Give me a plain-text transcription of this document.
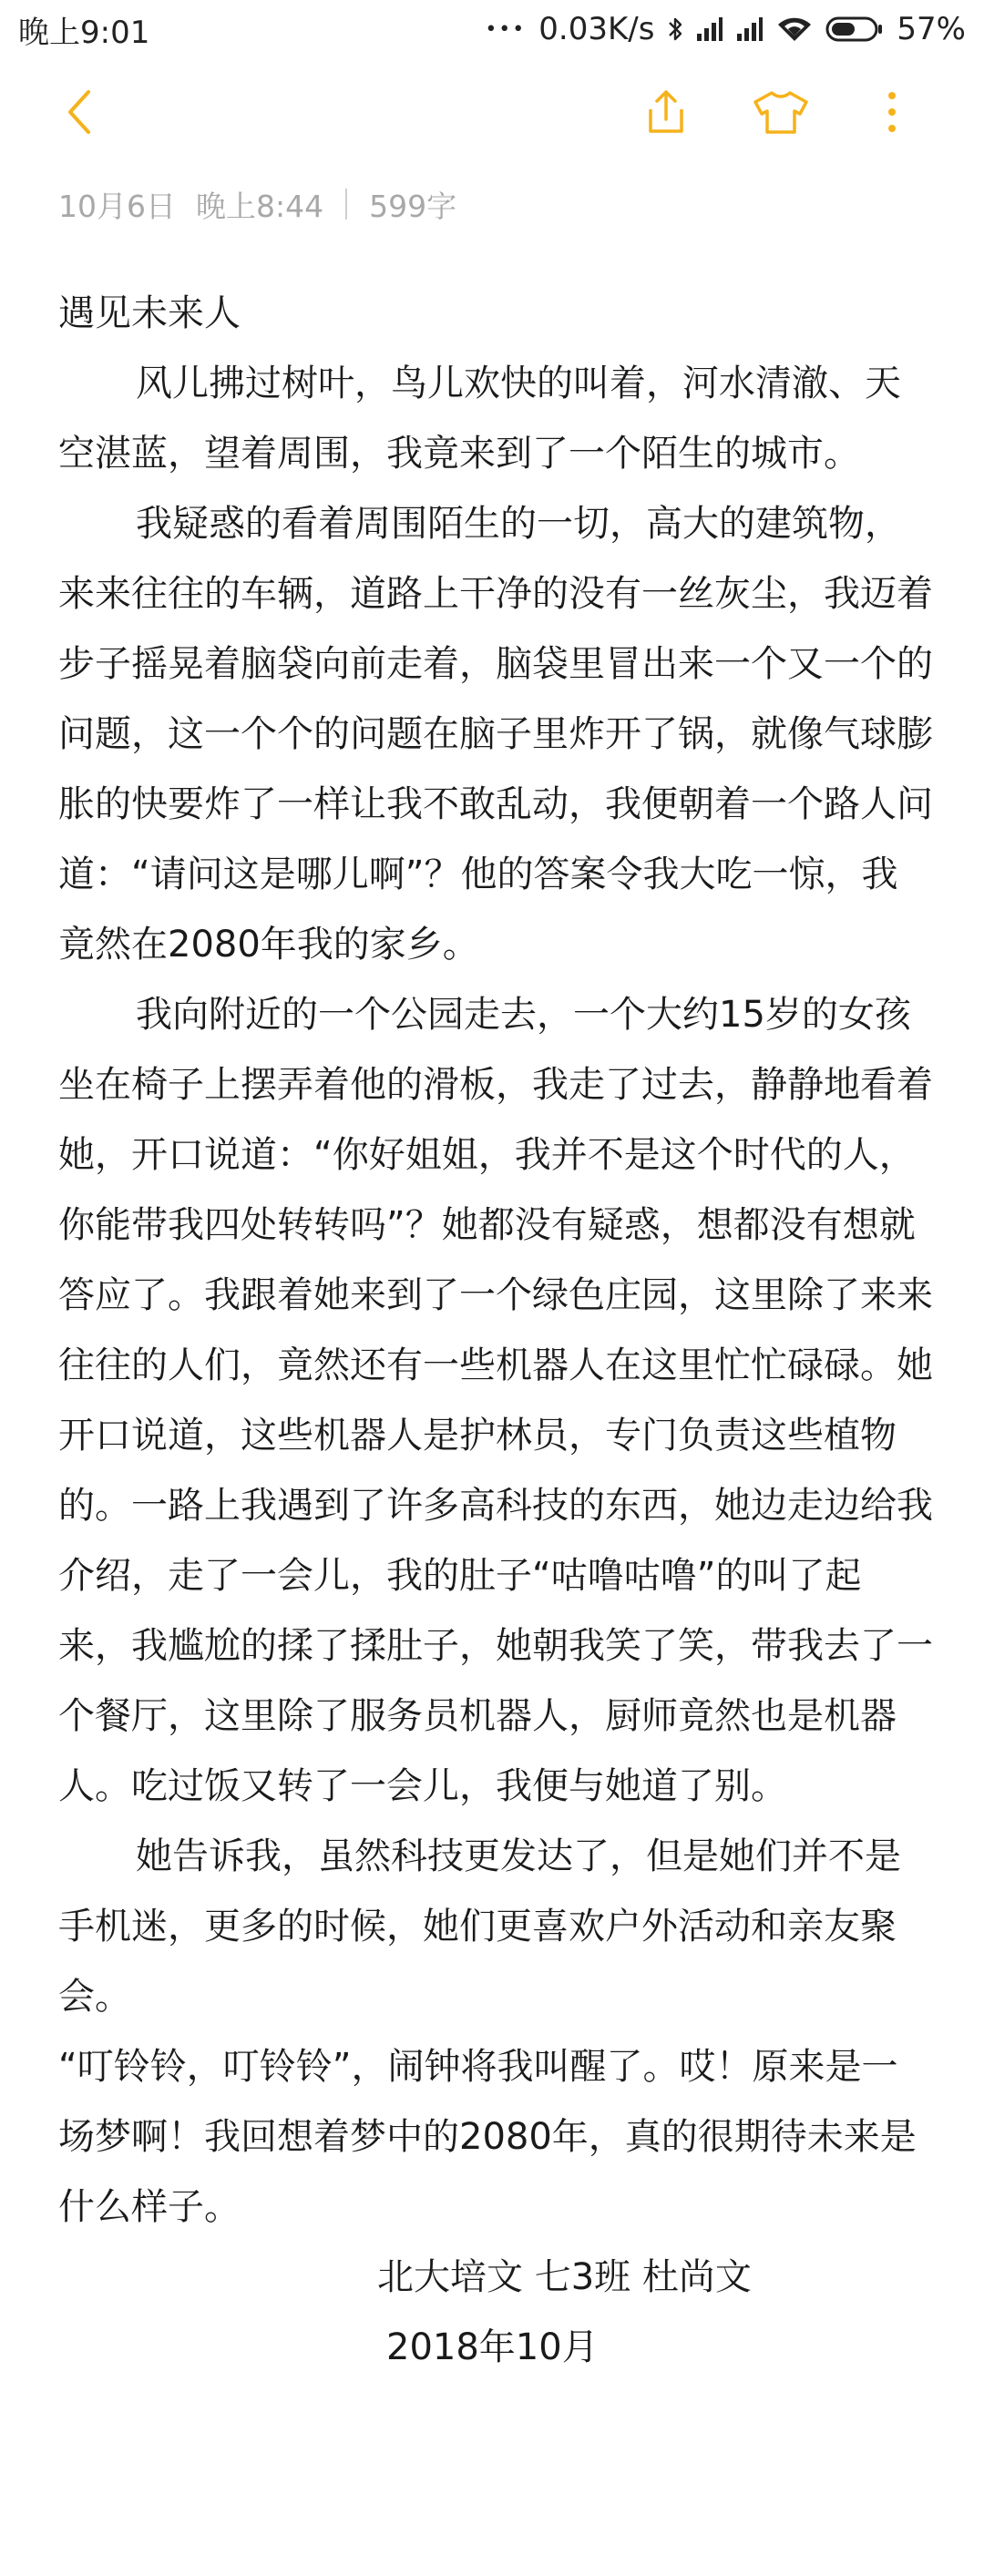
晚上9:01	••• 0.03K/s	57%
10月6日 晚上8:44 599字

遇见未来人

风儿拂过树叶，鸟儿欢快的叫着，河水清澈、天空湛蓝，望着周围，我竟来到了一个陌生的城市。

我疑惑的看着周围陌生的一切，高大的建筑物，来来往往的车辆，道路上干净的没有一丝灰尘，我迈着步子摇晃着脑袋向前走着，脑袋里冒出来一个又一个的问题，这一个个的问题在脑子里炸开了锅，就像气球膨胀的快要炸了一样让我不敢乱动，我便朝着一个路人问道：“请问这是哪儿啊”？他的答案令我大吃一惊，我竟然在2080年我的家乡。

我向附近的一个公园走去，一个大约15岁的女孩坐在椅子上摆弄着他的滑板，我走了过去，静静地看着她，开口说道：“你好姐姐，我并不是这个时代的人，你能带我四处转转吗”？她都没有疑惑，想都没有想就答应了。我跟着她来到了一个绿色庄园，这里除了来来往往的人们，竟然还有一些机器人在这里忙忙碌碌。她开口说道，这些机器人是护林员，专门负责这些植物的。一路上我遇到了许多高科技的东西，她边走边给我介绍，走了一会儿，我的肚子“咕噜咕噜”的叫了起来，我尴尬的揉了揉肚子，她朝我笑了笑，带我去了一个餐厅，这里除了服务员机器人，厨师竟然也是机器人。吃过饭又转了一会儿，我便与她道了别。

她告诉我，虽然科技更发达了，但是她们并不是手机迷，更多的时候，她们更喜欢户外活动和亲友聚会。

“叮铃铃，叮铃铃”，闹钟将我叫醒了。哎！原来是一场梦啊！我回想着梦中的2080年，真的很期待未来是什么样子。

北大培文 七3班 杜尚文

2018年10月
